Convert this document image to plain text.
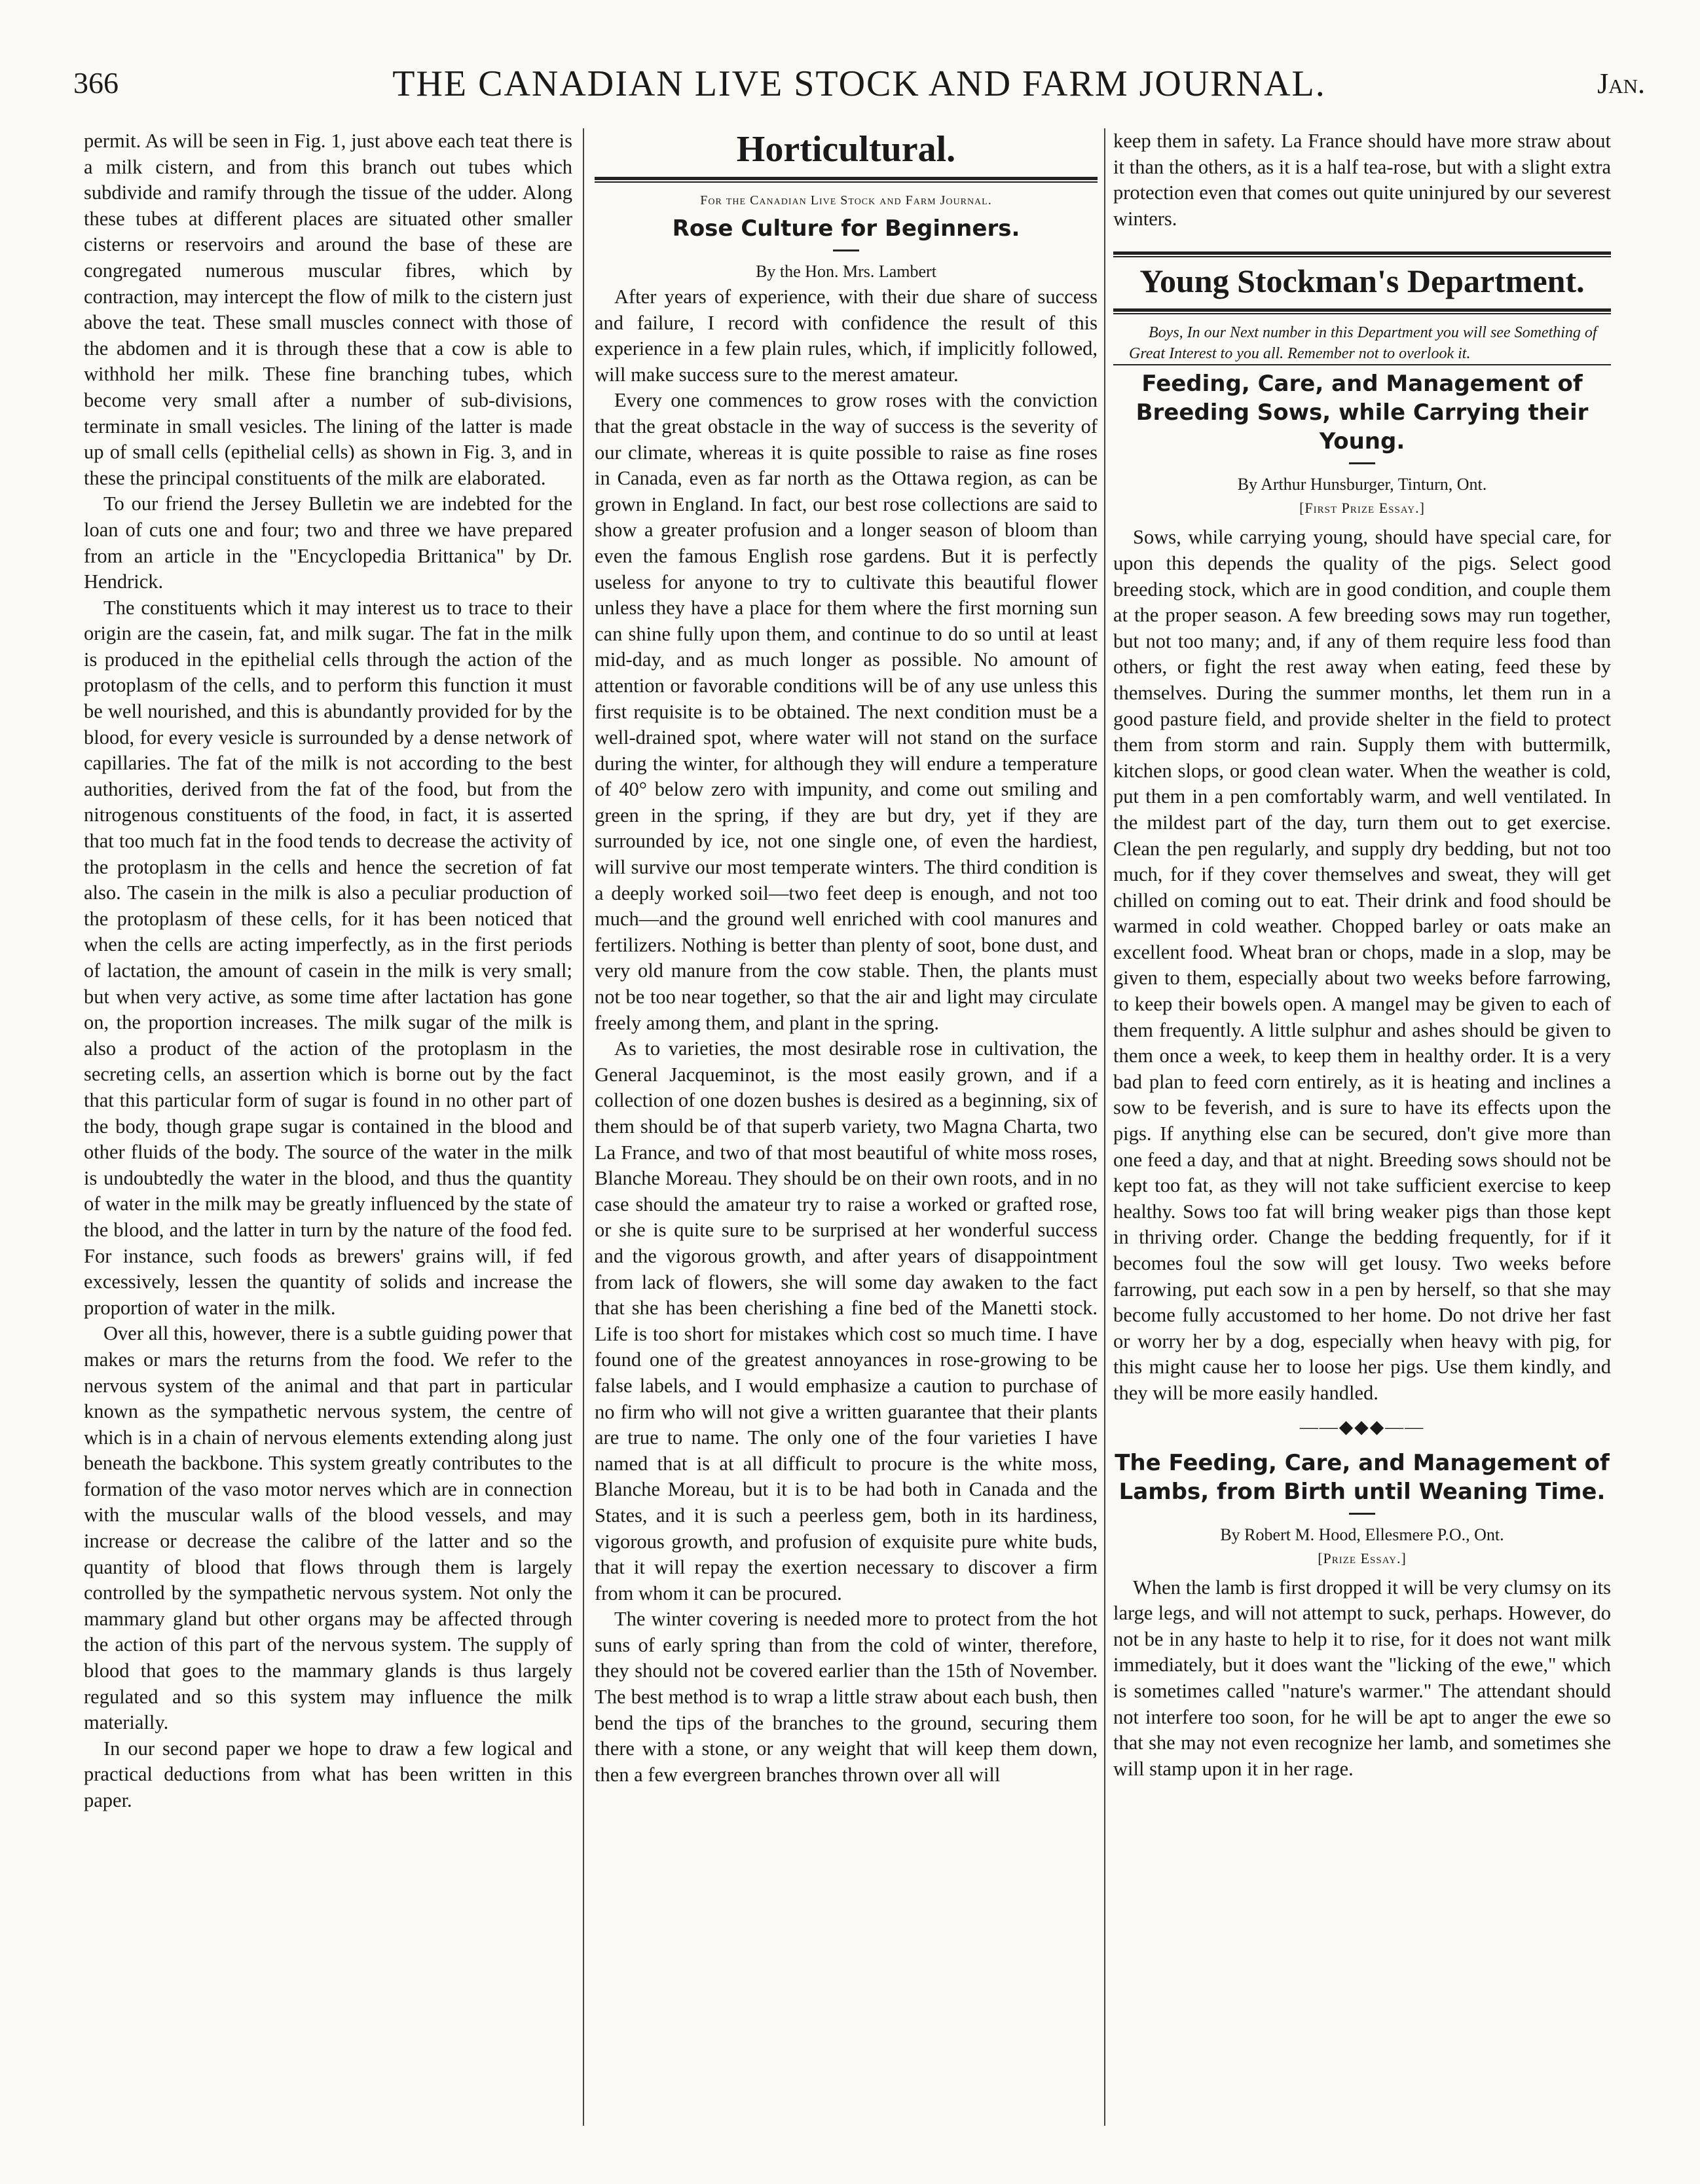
366	THE CANADIAN LIVE STOCK AND FARM JOURNAL.	Jan.

permit. As will be seen in Fig. 1, just above each teat there is a milk cistern, and from this branch out tubes which subdivide and ramify through the tissue of the udder. Along these tubes at different places are situated other smaller cisterns or reservoirs and around the base of these are congregated numerous muscular fibres, which by contraction, may intercept the flow of milk to the cistern just above the teat. These small muscles connect with those of the abdomen and it is through these that a cow is able to withhold her milk. These fine branching tubes, which become very small after a number of sub-divisions, terminate in small vesicles. The lining of the latter is made up of small cells (epithelial cells) as shown in Fig. 3, and in these the principal constituents of the milk are elaborated.

To our friend the Jersey Bulletin we are indebted for the loan of cuts one and four; two and three we have prepared from an article in the "Encyclopedia Brittanica" by Dr. Hendrick.

The constituents which it may interest us to trace to their origin are the casein, fat, and milk sugar. The fat in the milk is produced in the epithelial cells through the action of the protoplasm of the cells, and to perform this function it must be well nourished, and this is abundantly provided for by the blood, for every vesicle is surrounded by a dense network of capillaries. The fat of the milk is not according to the best authorities, derived from the fat of the food, but from the nitrogenous constituents of the food, in fact, it is asserted that too much fat in the food tends to decrease the activity of the protoplasm in the cells and hence the secretion of fat also. The casein in the milk is also a peculiar production of the protoplasm of these cells, for it has been noticed that when the cells are acting imperfectly, as in the first periods of lactation, the amount of casein in the milk is very small; but when very active, as some time after lactation has gone on, the proportion increases. The milk sugar of the milk is also a product of the action of the protoplasm in the secreting cells, an assertion which is borne out by the fact that this particular form of sugar is found in no other part of the body, though grape sugar is contained in the blood and other fluids of the body. The source of the water in the milk is undoubtedly the water in the blood, and thus the quantity of water in the milk may be greatly influenced by the state of the blood, and the latter in turn by the nature of the food fed. For instance, such foods as brewers' grains will, if fed excessively, lessen the quantity of solids and increase the proportion of water in the milk.

Over all this, however, there is a subtle guiding power that makes or mars the returns from the food. We refer to the nervous system of the animal and that part in particular known as the sympathetic nervous system, the centre of which is in a chain of nervous elements extending along just beneath the backbone. This system greatly contributes to the formation of the vaso motor nerves which are in connection with the muscular walls of the blood vessels, and may increase or decrease the calibre of the latter and so the quantity of blood that flows through them is largely controlled by the sympathetic nervous system. Not only the mammary gland but other organs may be affected through the action of this part of the nervous system. The supply of blood that goes to the mammary glands is thus largely regulated and so this system may influence the milk materially.

In our second paper we hope to draw a few logical and practical deductions from what has been written in this paper.

Horticultural.
For the Canadian Live Stock and Farm Journal.
Rose Culture for Beginners.
By the Hon. Mrs. Lambert

After years of experience, with their due share of success and failure, I record with confidence the result of this experience in a few plain rules, which, if implicitly followed, will make success sure to the merest amateur.

Every one commences to grow roses with the conviction that the great obstacle in the way of success is the severity of our climate, whereas it is quite possible to raise as fine roses in Canada, even as far north as the Ottawa region, as can be grown in England. In fact, our best rose collections are said to show a greater profusion and a longer season of bloom than even the famous English rose gardens. But it is perfectly useless for anyone to try to cultivate this beautiful flower unless they have a place for them where the first morning sun can shine fully upon them, and continue to do so until at least mid-day, and as much longer as possible. No amount of attention or favorable conditions will be of any use unless this first requisite is to be obtained. The next condition must be a well-drained spot, where water will not stand on the surface during the winter, for although they will endure a temperature of 40° below zero with impunity, and come out smiling and green in the spring, if they are but dry, yet if they are surrounded by ice, not one single one, of even the hardiest, will survive our most temperate winters. The third condition is a deeply worked soil—two feet deep is enough, and not too much—and the ground well enriched with cool manures and fertilizers. Nothing is better than plenty of soot, bone dust, and very old manure from the cow stable. Then, the plants must not be too near together, so that the air and light may circulate freely among them, and plant in the spring.

As to varieties, the most desirable rose in cultivation, the General Jacqueminot, is the most easily grown, and if a collection of one dozen bushes is desired as a beginning, six of them should be of that superb variety, two Magna Charta, two La France, and two of that most beautiful of white moss roses, Blanche Moreau. They should be on their own roots, and in no case should the amateur try to raise a worked or grafted rose, or she is quite sure to be surprised at her wonderful success and the vigorous growth, and after years of disappointment from lack of flowers, she will some day awaken to the fact that she has been cherishing a fine bed of the Manetti stock. Life is too short for mistakes which cost so much time. I have found one of the greatest annoyances in rose-growing to be false labels, and I would emphasize a caution to purchase of no firm who will not give a written guarantee that their plants are true to name. The only one of the four varieties I have named that is at all difficult to procure is the white moss, Blanche Moreau, but it is to be had both in Canada and the States, and it is such a peerless gem, both in its hardiness, vigorous growth, and profusion of exquisite pure white buds, that it will repay the exertion necessary to discover a firm from whom it can be procured.

The winter covering is needed more to protect from the hot suns of early spring than from the cold of winter, therefore, they should not be covered earlier than the 15th of November. The best method is to wrap a little straw about each bush, then bend the tips of the branches to the ground, securing them there with a stone, or any weight that will keep them down, then a few evergreen branches thrown over all will

keep them in safety. La France should have more straw about it than the others, as it is a half tea-rose, but with a slight extra protection even that comes out quite uninjured by our severest winters.

Young Stockman's Department.

Boys, In our Next number in this Department you will see Something of Great Interest to you all. Remember not to overlook it.

Feeding, Care, and Management of Breeding Sows, while Carrying their Young.
By Arthur Hunsburger, Tinturn, Ont.
[First Prize Essay.]

Sows, while carrying young, should have special care, for upon this depends the quality of the pigs. Select good breeding stock, which are in good condition, and couple them at the proper season. A few breeding sows may run together, but not too many; and, if any of them require less food than others, or fight the rest away when eating, feed these by themselves. During the summer months, let them run in a good pasture field, and provide shelter in the field to protect them from storm and rain. Supply them with buttermilk, kitchen slops, or good clean water. When the weather is cold, put them in a pen comfortably warm, and well ventilated. In the mildest part of the day, turn them out to get exercise. Clean the pen regularly, and supply dry bedding, but not too much, for if they cover themselves and sweat, they will get chilled on coming out to eat. Their drink and food should be warmed in cold weather. Chopped barley or oats make an excellent food. Wheat bran or chops, made in a slop, may be given to them, especially about two weeks before farrowing, to keep their bowels open. A mangel may be given to each of them frequently. A little sulphur and ashes should be given to them once a week, to keep them in healthy order. It is a very bad plan to feed corn entirely, as it is heating and inclines a sow to be feverish, and is sure to have its effects upon the pigs. If anything else can be secured, don't give more than one feed a day, and that at night. Breeding sows should not be kept too fat, as they will not take sufficient exercise to keep healthy. Sows too fat will bring weaker pigs than those kept in thriving order. Change the bedding frequently, for if it becomes foul the sow will get lousy. Two weeks before farrowing, put each sow in a pen by herself, so that she may become fully accustomed to her home. Do not drive her fast or worry her by a dog, especially when heavy with pig, for this might cause her to loose her pigs. Use them kindly, and they will be more easily handled.

——◆◆◆——
The Feeding, Care, and Management of Lambs, from Birth until Weaning Time.
By Robert M. Hood, Ellesmere P.O., Ont.
[Prize Essay.]

When the lamb is first dropped it will be very clumsy on its large legs, and will not attempt to suck, perhaps. However, do not be in any haste to help it to rise, for it does not want milk immediately, but it does want the "licking of the ewe," which is sometimes called "nature's warmer." The attendant should not interfere too soon, for he will be apt to anger the ewe so that she may not even recognize her lamb, and sometimes she will stamp upon it in her rage.
